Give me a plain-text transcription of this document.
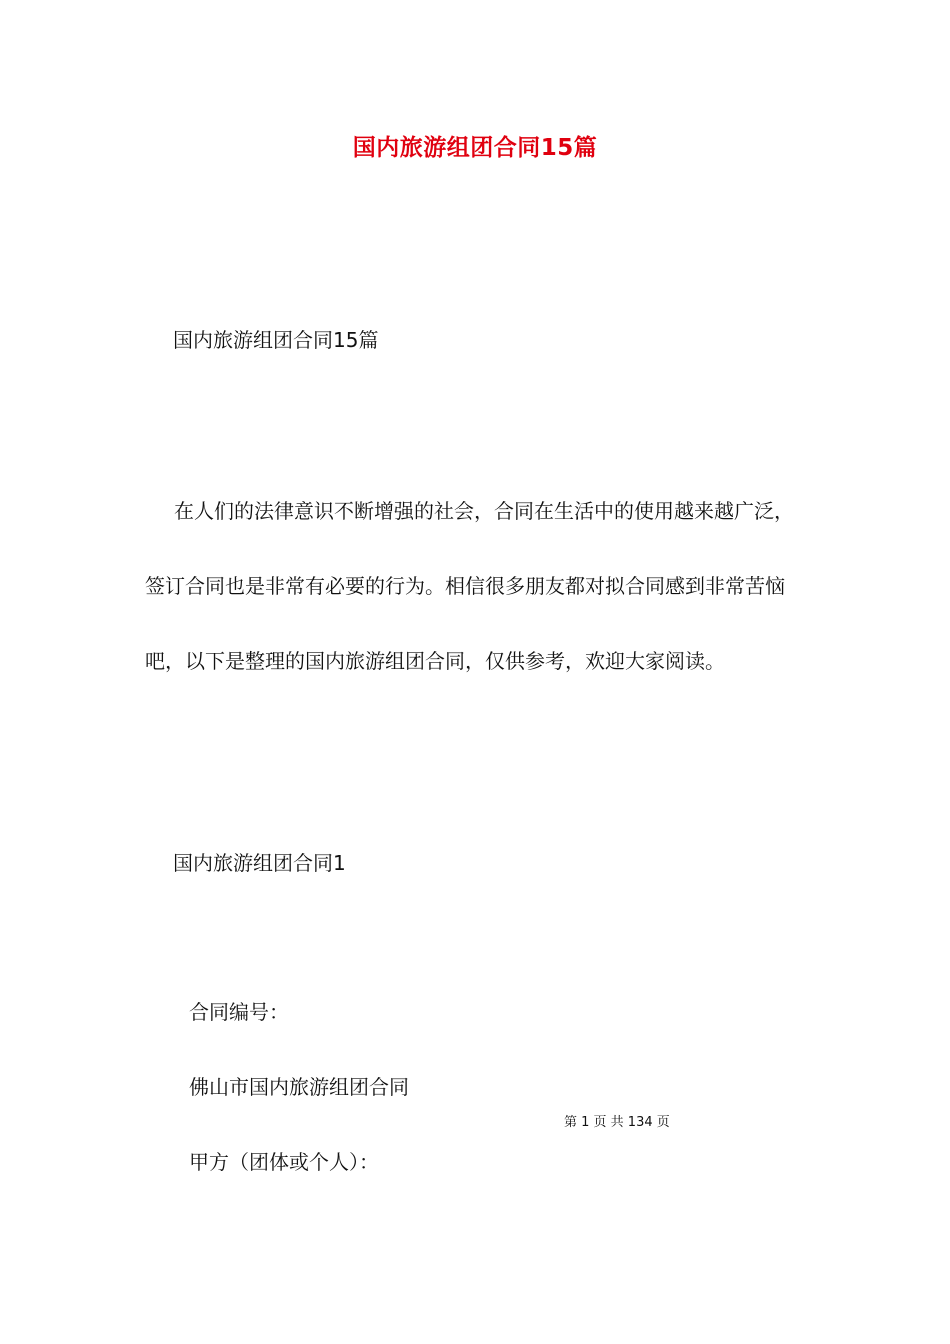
国内旅游组团合同15篇
国内旅游组团合同15篇

在人们的法律意识不断增强的社会，合同在生活中的使用越来越广泛，签订合同也是非常有必要的行为。相信很多朋友都对拟合同感到非常苦恼吧，以下是整理的国内旅游组团合同，仅供参考，欢迎大家阅读。

国内旅游组团合同1
合同编号：
佛山市国内旅游组团合同
第 1 页 共 134 页
甲方（团体或个人）：
